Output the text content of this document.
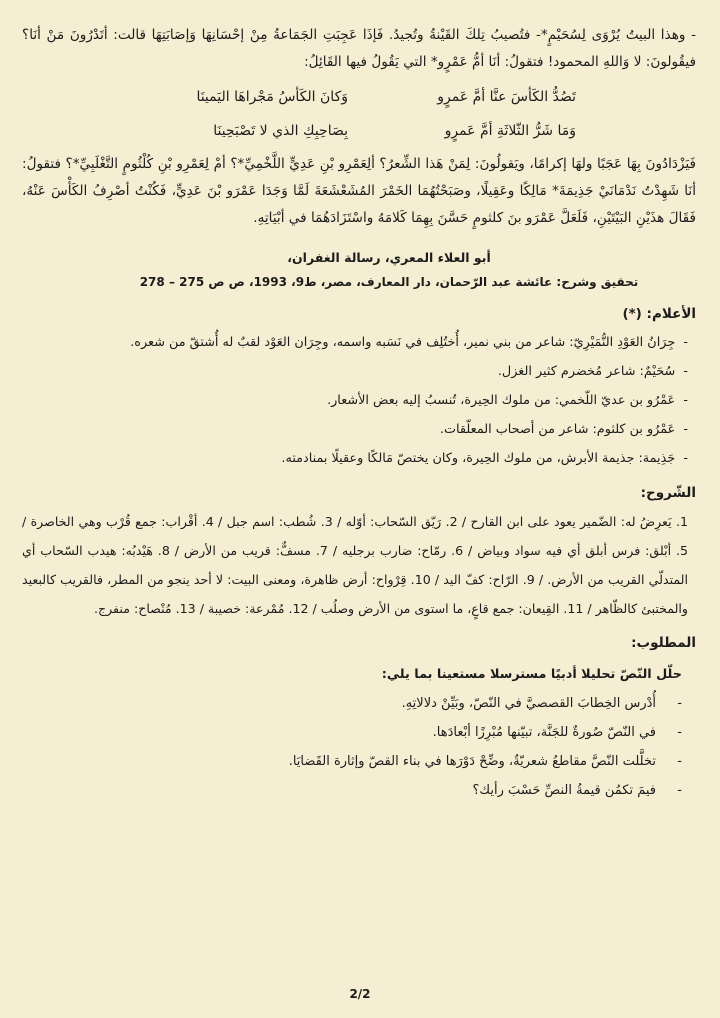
- وهذا البيتُ يُرْوَى لِسُحَيْمٍ*- فتُصيبُ تِلكَ القَيْنةُ وتُجيدُ. فَإذَا عَجِبَتِ الجَمَاعةُ مِنْ إحْسَانِهَا وَإصَابَتِهَا قالت: أتَدْرُونَ مَنْ أنَا؟ فيقُولونَ: لا وَاللهِ المحمود! فتقولُ: أنَا أمُّ عَمْرٍو* التي يَقُولُ فيها القَائِلُ:

تَصُدُّ الكَأسَ عنَّا أمَّ عَمرٍو
وَكانَ الكَأسُ مَجْراهَا اليَمينَا
وَمَا شَرُّ الثّلاثَةِ أمَّ عَمرٍو
بِصَاحِبِكِ الذي لا تَصْبَحِينَا

فَيَزْدَادُونَ بِهَا عَجَبًا ولهَا إكرامًا، ويَقولُونَ: لِمَنْ هَذا الشِّعرُ؟ ألِعَمْرِو بْنِ عَدِيٍّ اللَّخْمِيِّ*؟ أمْ لِعَمْرِو بْنِ كُلْثُومٍ التَّغْلَبِيِّ*؟ فتقولُ: أنَا شَهِدْتُ نَدْمَانَيْ جَذِيمَةَ* مَالِكًا وعَقِيلًا، وصَبَحْتُهُمَا الخَمْرَ المُشَعْشَعَةَ لَمَّا وَجَدَا عَمْرَو بْنَ عَدِيٍّ، فَكُنْتُ أصْرِفُ الكَأْسَ عَنْهُ، فَقَالَ هذَيْنِ البَيْتَيْنِ، فَلَعَلَّ عَمْرَو بنَ كلثومٍ حَسَّنَ بِهِمَا كَلامَهُ واسْتَزَادَهُمَا في أبْيَاتِهِ.

أبو العلاء المعري، رسالة الغفران،

تحقيق وشرح: عائشة عبد الرّحمان، دار المعارف، مصر، ط9، 1993، ص ص 275 – 278

الأعلام: (*)

-  جِرَانُ العَوْدِ النُّمَيْرِيّ: شاعر من بني نمير، أُختُلِف في نَسَبه واسمه، وجِرَان العَوْد لقبٌ له أُشتقّ من شعره.
-  سُحَيْمٌ: شاعر مُخضرم كثير الغزل.
-  عَمْرُو بن عديّ اللّخمي: من ملوك الحِيرة، تُنسبُ إليه بعض الأشعار.
-  عَمْرُو بن كلثوم: شاعر من أصحاب المعلّقات.
-  جَذِيمة: جذيمة الأبرش، من ملوك الحِيرة، وكان يختصّ مَالكًا وعقيلًا بمنادمته.

الشّروح:

1. يَعرِضُ له: الضّمير يعود على ابن القارح / 2. رَيّق السّحاب: أوّله / 3. شُطب: اسم جبل / 4. أقْراب: جمع قُرْب وهي الخاصرة / 5. أبْلق: فرس أبلق أي فيه سواد وبياض / 6. رمّاح: ضارب برجليه / 7. مسفٌّ: قريب من الأرض / 8. هَيْدبُه: هيدب السّحاب أي المتدلّي القريب من الأرض. / 9. الرّاح: كفّ اليد / 10. قِرْواح: أرض ظاهرة، ومعنى البيت: لا أحد ينجو من المطر، فالقريب كالبعيد والمختبئ كالظّاهر / 11. القِيعان: جمع قاعٍ، ما استوى من الأرض وصلُب / 12. مُمْرعة: خصيبة / 13. مُنْصاح: منفرج.

المطلوب:

حلّل النّصّ تحليلا أدبيًا مسترسلا مستعينا بما يلي:

-
أُدْرس الخِطابَ القصصيَّ في النّصّ، وبَيِّنْ دلالاتِهِ.
-
في النّصّ صُورةٌ للجَنَّة، تبيّنها مُبْرِزًا أبْعادَها.
-
تخلَّلت النّصَّ مقاطعُ شعريّةٌ، وضِّحْ دَوْرَها في بناء القصّ وإثارة القَضايَا.
-
فيمَ تكمُن قيمةُ النصِّ حَسْبَ رأيك؟
2/2
